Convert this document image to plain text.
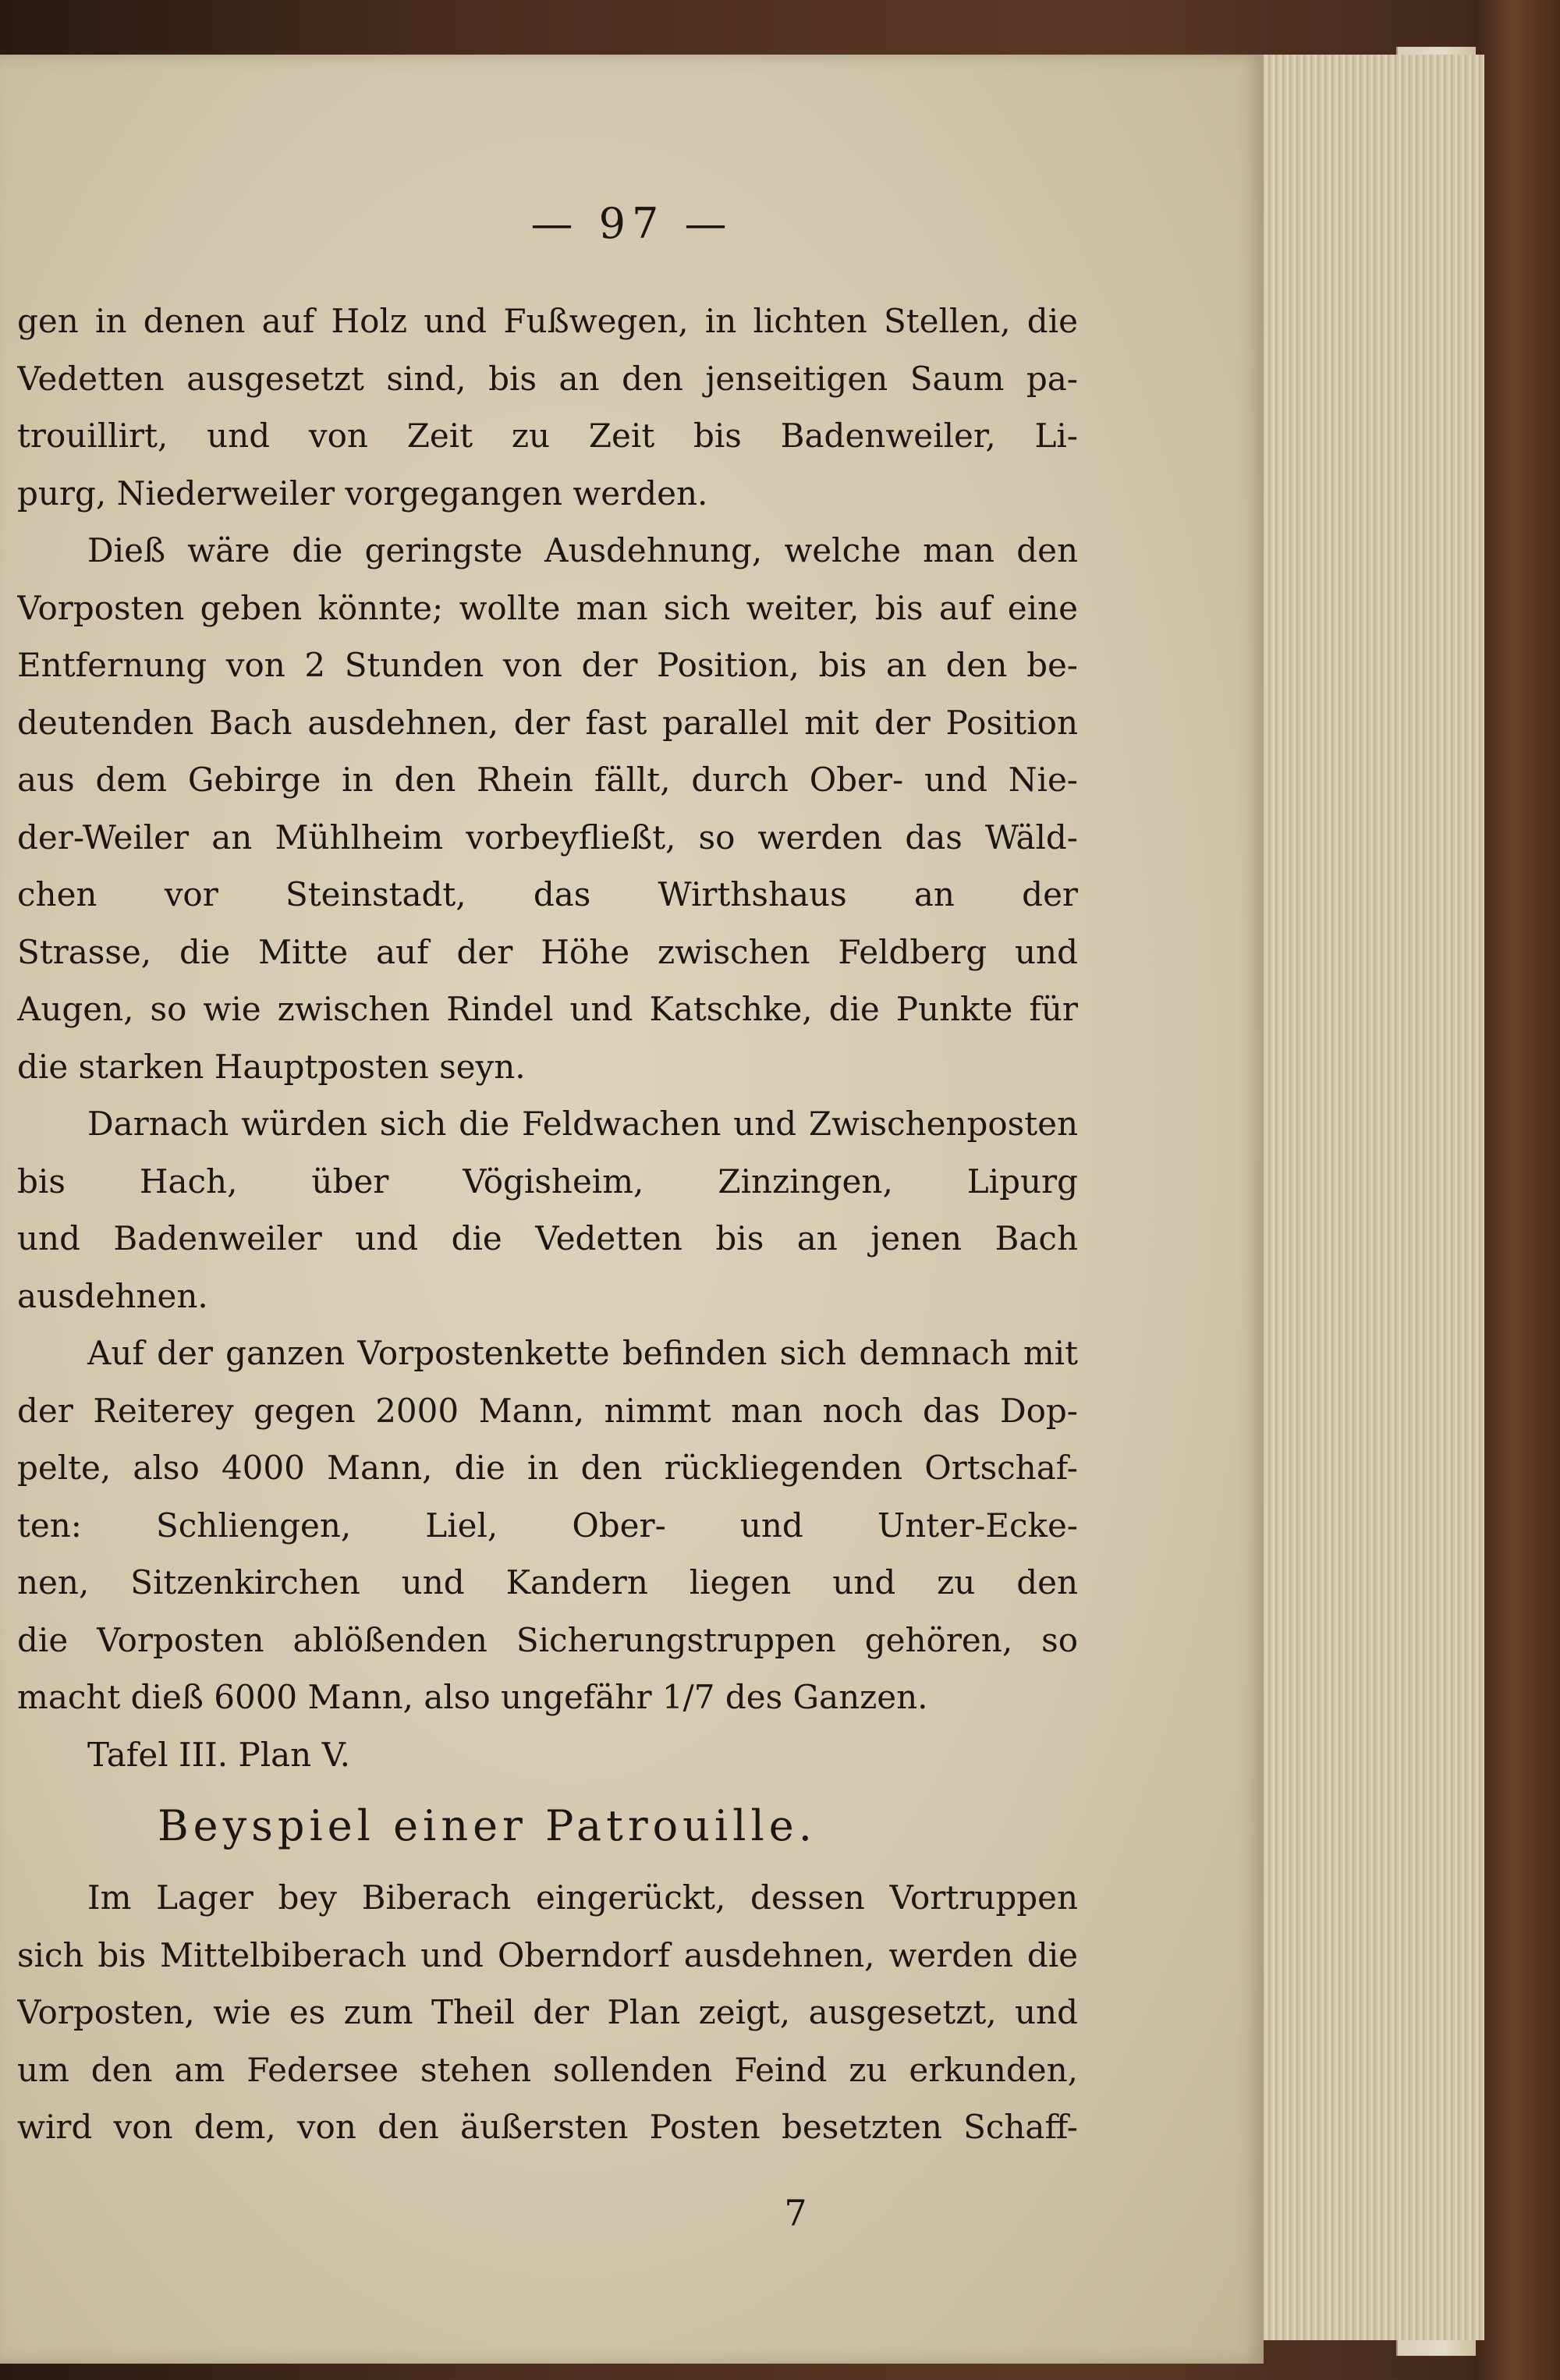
— 97 —
gen in denen auf Holz und Fußwegen, in lichten Stellen, die
Vedetten ausgesetzt sind, bis an den jenseitigen Saum pa-
trouillirt, und von Zeit zu Zeit bis Badenweiler, Li-
purg, Niederweiler vorgegangen werden.
Dieß wäre die geringste Ausdehnung, welche man den
Vorposten geben könnte; wollte man sich weiter, bis auf eine
Entfernung von 2 Stunden von der Position, bis an den be-
deutenden Bach ausdehnen, der fast parallel mit der Position
aus dem Gebirge in den Rhein fällt, durch Ober- und Nie-
der-Weiler an Mühlheim vorbeyfließt, so werden das Wäld-
chen vor Steinstadt, das Wirthshaus an der
Strasse, die Mitte auf der Höhe zwischen Feldberg und
Augen, so wie zwischen Rindel und Katschke, die Punkte für
die starken Hauptposten seyn.
Darnach würden sich die Feldwachen und Zwischenposten
bis Hach, über Vögisheim, Zinzingen, Lipurg
und Badenweiler und die Vedetten bis an jenen Bach
ausdehnen.
Auf der ganzen Vorpostenkette befinden sich demnach mit
der Reiterey gegen 2000 Mann, nimmt man noch das Dop-
pelte, also 4000 Mann, die in den rückliegenden Ortschaf-
ten: Schliengen, Liel, Ober- und Unter-Ecke-
nen, Sitzenkirchen und Kandern liegen und zu den
die Vorposten ablößenden Sicherungstruppen gehören, so
macht dieß 6000 Mann, also ungefähr 1/7 des Ganzen.
Tafel III. Plan V.
Beyspiel einer Patrouille.
Im Lager bey Biberach eingerückt, dessen Vortruppen
sich bis Mittelbiberach und Oberndorf ausdehnen, werden die
Vorposten, wie es zum Theil der Plan zeigt, ausgesetzt, und
um den am Federsee stehen sollenden Feind zu erkunden,
wird von dem, von den äußersten Posten besetzten Schaff-
7
